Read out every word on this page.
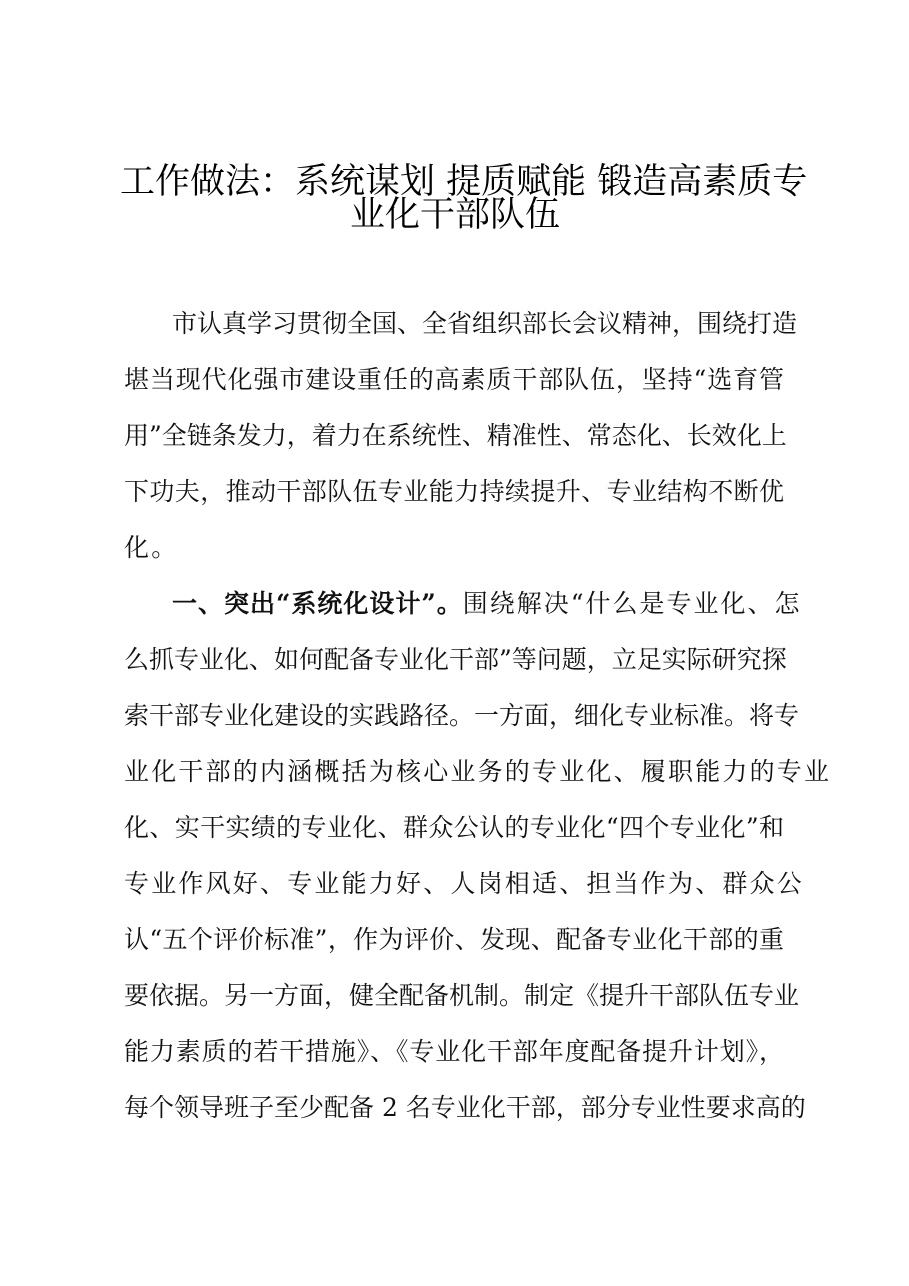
工作做法：系统谋划 提质赋能 锻造高素质专
业化干部队伍
市认真学习贯彻全国、全省组织部长会议精神，围绕打造
堪当现代化强市建设重任的高素质干部队伍，坚持“选育管
用”全链条发力，着力在系统性、精准性、常态化、长效化上
下功夫，推动干部队伍专业能力持续提升、专业结构不断优
化。
一、突出“系统化设计”。 围绕解决“什么是专业化、怎
么抓专业化、如何配备专业化干部”等问题，立足实际研究探
索干部专业化建设的实践路径。一方面，细化专业标准。将专
业化干部的内涵概括为核心业务的专业化、履职能力的专业
化、实干实绩的专业化、群众公认的专业化“四个专业化”和
专业作风好、专业能力好、人岗相适、担当作为、群众公
认“五个评价标准”，作为评价、发现、配备专业化干部的重
要依据。另一方面，健全配备机制。制定《提升干部队伍专业
能力素质的若干措施》、《专业化干部年度配备提升计划》，
每个领导班子至少配备 2 名专业化干部，部分专业性要求高的
